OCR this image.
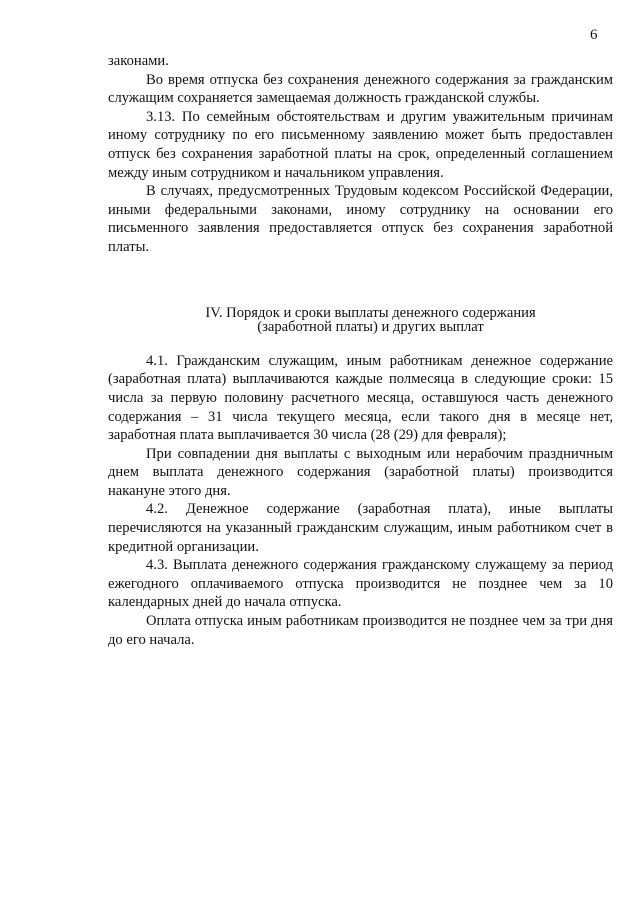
6

законами.

Во время отпуска без сохранения денежного содержания за гражданским служащим сохраняется замещаемая должность гражданской службы.

3.13. По семейным обстоятельствам и другим уважительным причинам иному сотруднику по его письменному заявлению может быть предоставлен отпуск без сохранения заработной платы на срок, определенный соглашением между иным сотрудником и начальником управления.

В случаях, предусмотренных Трудовым кодексом Российской Федерации, иными федеральными законами, иному сотруднику на основании его письменного заявления предоставляется отпуск без сохранения заработной платы.

IV. Порядок и сроки выплаты денежного содержания

(заработной платы) и других выплат

4.1. Гражданским служащим, иным работникам денежное содержание (заработная плата) выплачиваются каждые полмесяца в следующие сроки: 15 числа за первую половину расчетного месяца, оставшуюся часть денежного содержания – 31 числа текущего месяца, если такого дня в месяце нет, заработная плата выплачивается 30 числа (28 (29) для февраля);

При совпадении дня выплаты с выходным или нерабочим праздничным днем выплата денежного содержания (заработной платы) производится накануне этого дня.

4.2. Денежное содержание (заработная плата), иные выплаты перечисляются на указанный гражданским служащим, иным работником счет в кредитной организации.

4.3. Выплата денежного содержания гражданскому служащему за период ежегодного оплачиваемого отпуска производится не позднее чем за 10 календарных дней до начала отпуска.

Оплата отпуска иным работникам производится не позднее чем за три дня до его начала.
